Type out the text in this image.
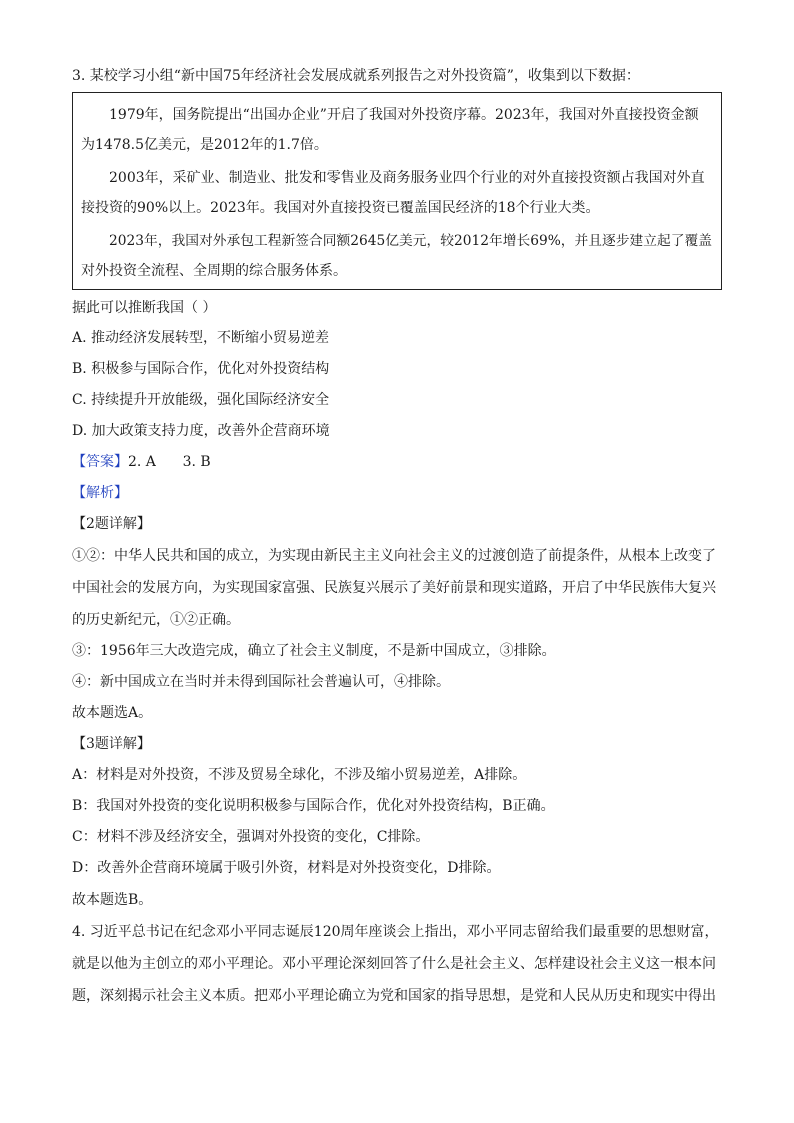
3. 某校学习小组“新中国75年经济社会发展成就系列报告之对外投资篇”，收集到以下数据：
1979年，国务院提出“出国办企业”开启了我国对外投资序幕。2023年，我国对外直接投资金额
为1478.5亿美元，是2012年的1.7倍。
2003年，采矿业、制造业、批发和零售业及商务服务业四个行业的对外直接投资额占我国对外直
接投资的90%以上。2023年。我国对外直接投资已覆盖国民经济的18个行业大类。
2023年，我国对外承包工程新签合同额2645亿美元，较2012年增长69%，并且逐步建立起了覆盖
对外投资全流程、全周期的综合服务体系。
据此可以推断我国（ ）
A. 推动经济发展转型，不断缩小贸易逆差
B. 积极参与国际合作，优化对外投资结构
C. 持续提升开放能级，强化国际经济安全
D. 加大政策支持力度，改善外企营商环境
【答案】2. A      3. B
【解析】
【2题详解】
①②：中华人民共和国的成立，为实现由新民主主义向社会主义的过渡创造了前提条件，从根本上改变了
中国社会的发展方向，为实现国家富强、民族复兴展示了美好前景和现实道路，开启了中华民族伟大复兴
的历史新纪元，①②正确。
③：1956年三大改造完成，确立了社会主义制度，不是新中国成立，③排除。
④：新中国成立在当时并未得到国际社会普遍认可，④排除。
故本题选A。
【3题详解】
A：材料是对外投资，不涉及贸易全球化，不涉及缩小贸易逆差，A排除。
B：我国对外投资的变化说明积极参与国际合作，优化对外投资结构，B正确。
C：材料不涉及经济安全，强调对外投资的变化，C排除。
D：改善外企营商环境属于吸引外资，材料是对外投资变化，D排除。
故本题选B。
4. 习近平总书记在纪念邓小平同志诞辰120周年座谈会上指出，邓小平同志留给我们最重要的思想财富，
就是以他为主创立的邓小平理论。邓小平理论深刻回答了什么是社会主义、怎样建设社会主义这一根本问
题，深刻揭示社会主义本质。把邓小平理论确立为党和国家的指导思想，是党和人民从历史和现实中得出
